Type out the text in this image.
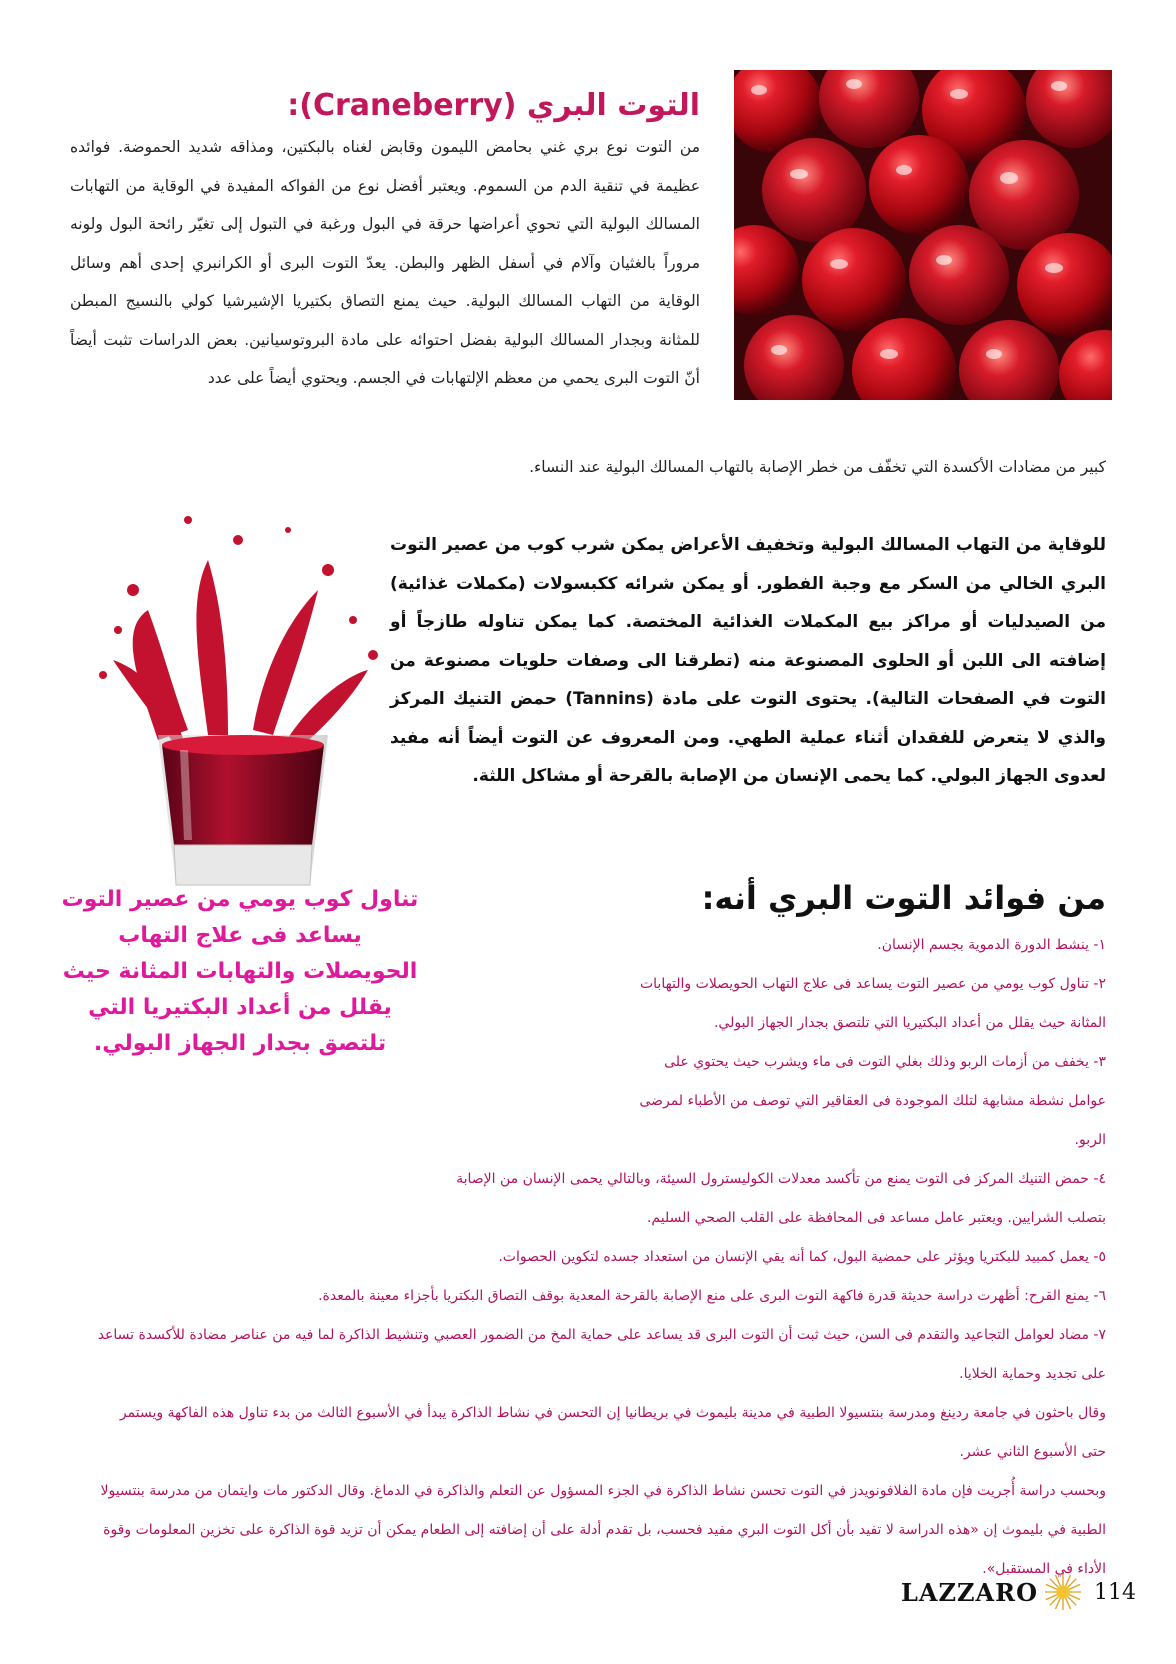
التوت البري (Craneberry):
من التوت نوع بري غني بحامض الليمون وقابض لغناه بالبكتين، ومذاقه شديد الحموضة. فوائده عظيمة في تنقية الدم من السموم. ويعتبر أفضل نوع من الفواكه المفيدة في الوقاية من التهابات المسالك البولية التي تحوي أعراضها حرقة في البول ورغبة في التبول إلى تغيّر رائحة البول ولونه مروراً بالغثيان وآلام في أسفل الظهر والبطن. يعدّ التوت البرى أو الكرانبري إحدى أهم وسائل الوقاية من التهاب المسالك البولية. حيث يمنع التصاق بكتيريا الإشيرشيا كولي بالنسيج المبطن للمثانة وبجدار المسالك البولية بفضل احتوائه على مادة البروتوسيانين. بعض الدراسات تثبت أيضاً أنّ التوت البرى يحمي من معظم الإلتهابات في الجسم. ويحتوي أيضاً على عدد
كبير من مضادات الأكسدة التي تخفّف من خطر الإصابة بالتهاب المسالك البولية عند النساء.
للوقاية من التهاب المسالك البولية وتخفيف الأعراض يمكن شرب كوب من عصير التوت البري الخالي من السكر مع وجبة الفطور. أو يمكن شرائه ككبسولات (مكملات غذائية) من الصيدليات أو مراكز بيع المكملات الغذائية المختصة. كما يمكن تناوله طازجاً أو إضافته الى اللبن أو الحلوى المصنوعة منه (تطرقنا الى وصفات حلويات مصنوعة من التوت في الصفحات التالية). يحتوى التوت على مادة (Tannins) حمض التنيك المركز والذي لا يتعرض للفقدان أثناء عملية الطهي. ومن المعروف عن التوت أيضاً أنه مفيد لعدوى الجهاز البولي. كما يحمى الإنسان من الإصابة بالقرحة أو مشاكل اللثة.
تناول كوب يومي من عصير التوت يساعد فى علاج التهاب الحويصلات والتهابات المثانة حيث يقلل من أعداد البكتيريا التي تلتصق بجدار الجهاز البولي.
من فوائد التوت البري أنه:
١- ينشط الدورة الدموية بجسم الإنسان.
٢- تناول كوب يومي من عصير التوت يساعد فى علاج التهاب الحويصلات والتهابات المثانة حيث يقلل من أعداد البكتيريا التي تلتصق بجدار الجهاز البولي.
٣- يخفف من أزمات الربو وذلك بغلي التوت فى ماء ويشرب حيث يحتوي على عوامل نشطة مشابهة لتلك الموجودة فى العقاقير التي توصف من الأطباء لمرضى الربو.
٤- حمض التنيك المركز فى التوت يمنع من تأكسد معدلات الكوليسترول السيئة، وبالتالي يحمى الإنسان من الإصابة بتصلب الشرايين. ويعتبر عامل مساعد فى المحافظة على القلب الصحي السليم.
٥- يعمل كمبيد للبكتريا ويؤثر على حمضية البول، كما أنه يقي الإنسان من استعداد جسده لتكوين الحصوات.
٦- يمنع القرح: أظهرت دراسة حديثة قدرة فاكهة التوت البرى على منع الإصابة بالقرحة المعدية بوقف التصاق البكتريا بأجزاء معينة بالمعدة.
٧- مضاد لعوامل التجاعيد والتقدم فى السن، حيث ثبت أن التوت البرى قد يساعد على حماية المخ من الضمور العصبي وتنشيط الذاكرة لما فيه من عناصر مضادة للأكسدة تساعد على تجديد وحماية الخلايا.
وقال باحثون في جامعة ردينغ ومدرسة بنتسيولا الطبية في مدينة بليموث في بريطانيا إن التحسن في نشاط الذاكرة يبدأ في الأسبوع الثالث من بدء تناول هذه الفاكهة ويستمر حتى الأسبوع الثاني عشر.
وبحسب دراسة أُجريت فإن مادة الفلافونويدز في التوت تحسن نشاط الذاكرة في الجزء المسؤول عن التعلم والذاكرة في الدماغ. وقال الدكتور مات وايتمان من مدرسة بنتسيولا الطبية في بليموث إن «هذه الدراسة لا تفيد بأن أكل التوت البري مفيد فحسب، بل تقدم أدلة على أن إضافته إلى الطعام يمكن أن تزيد قوة الذاكرة على تخزين المعلومات وقوة الأداء في المستقبل».
LAZZARO	114
